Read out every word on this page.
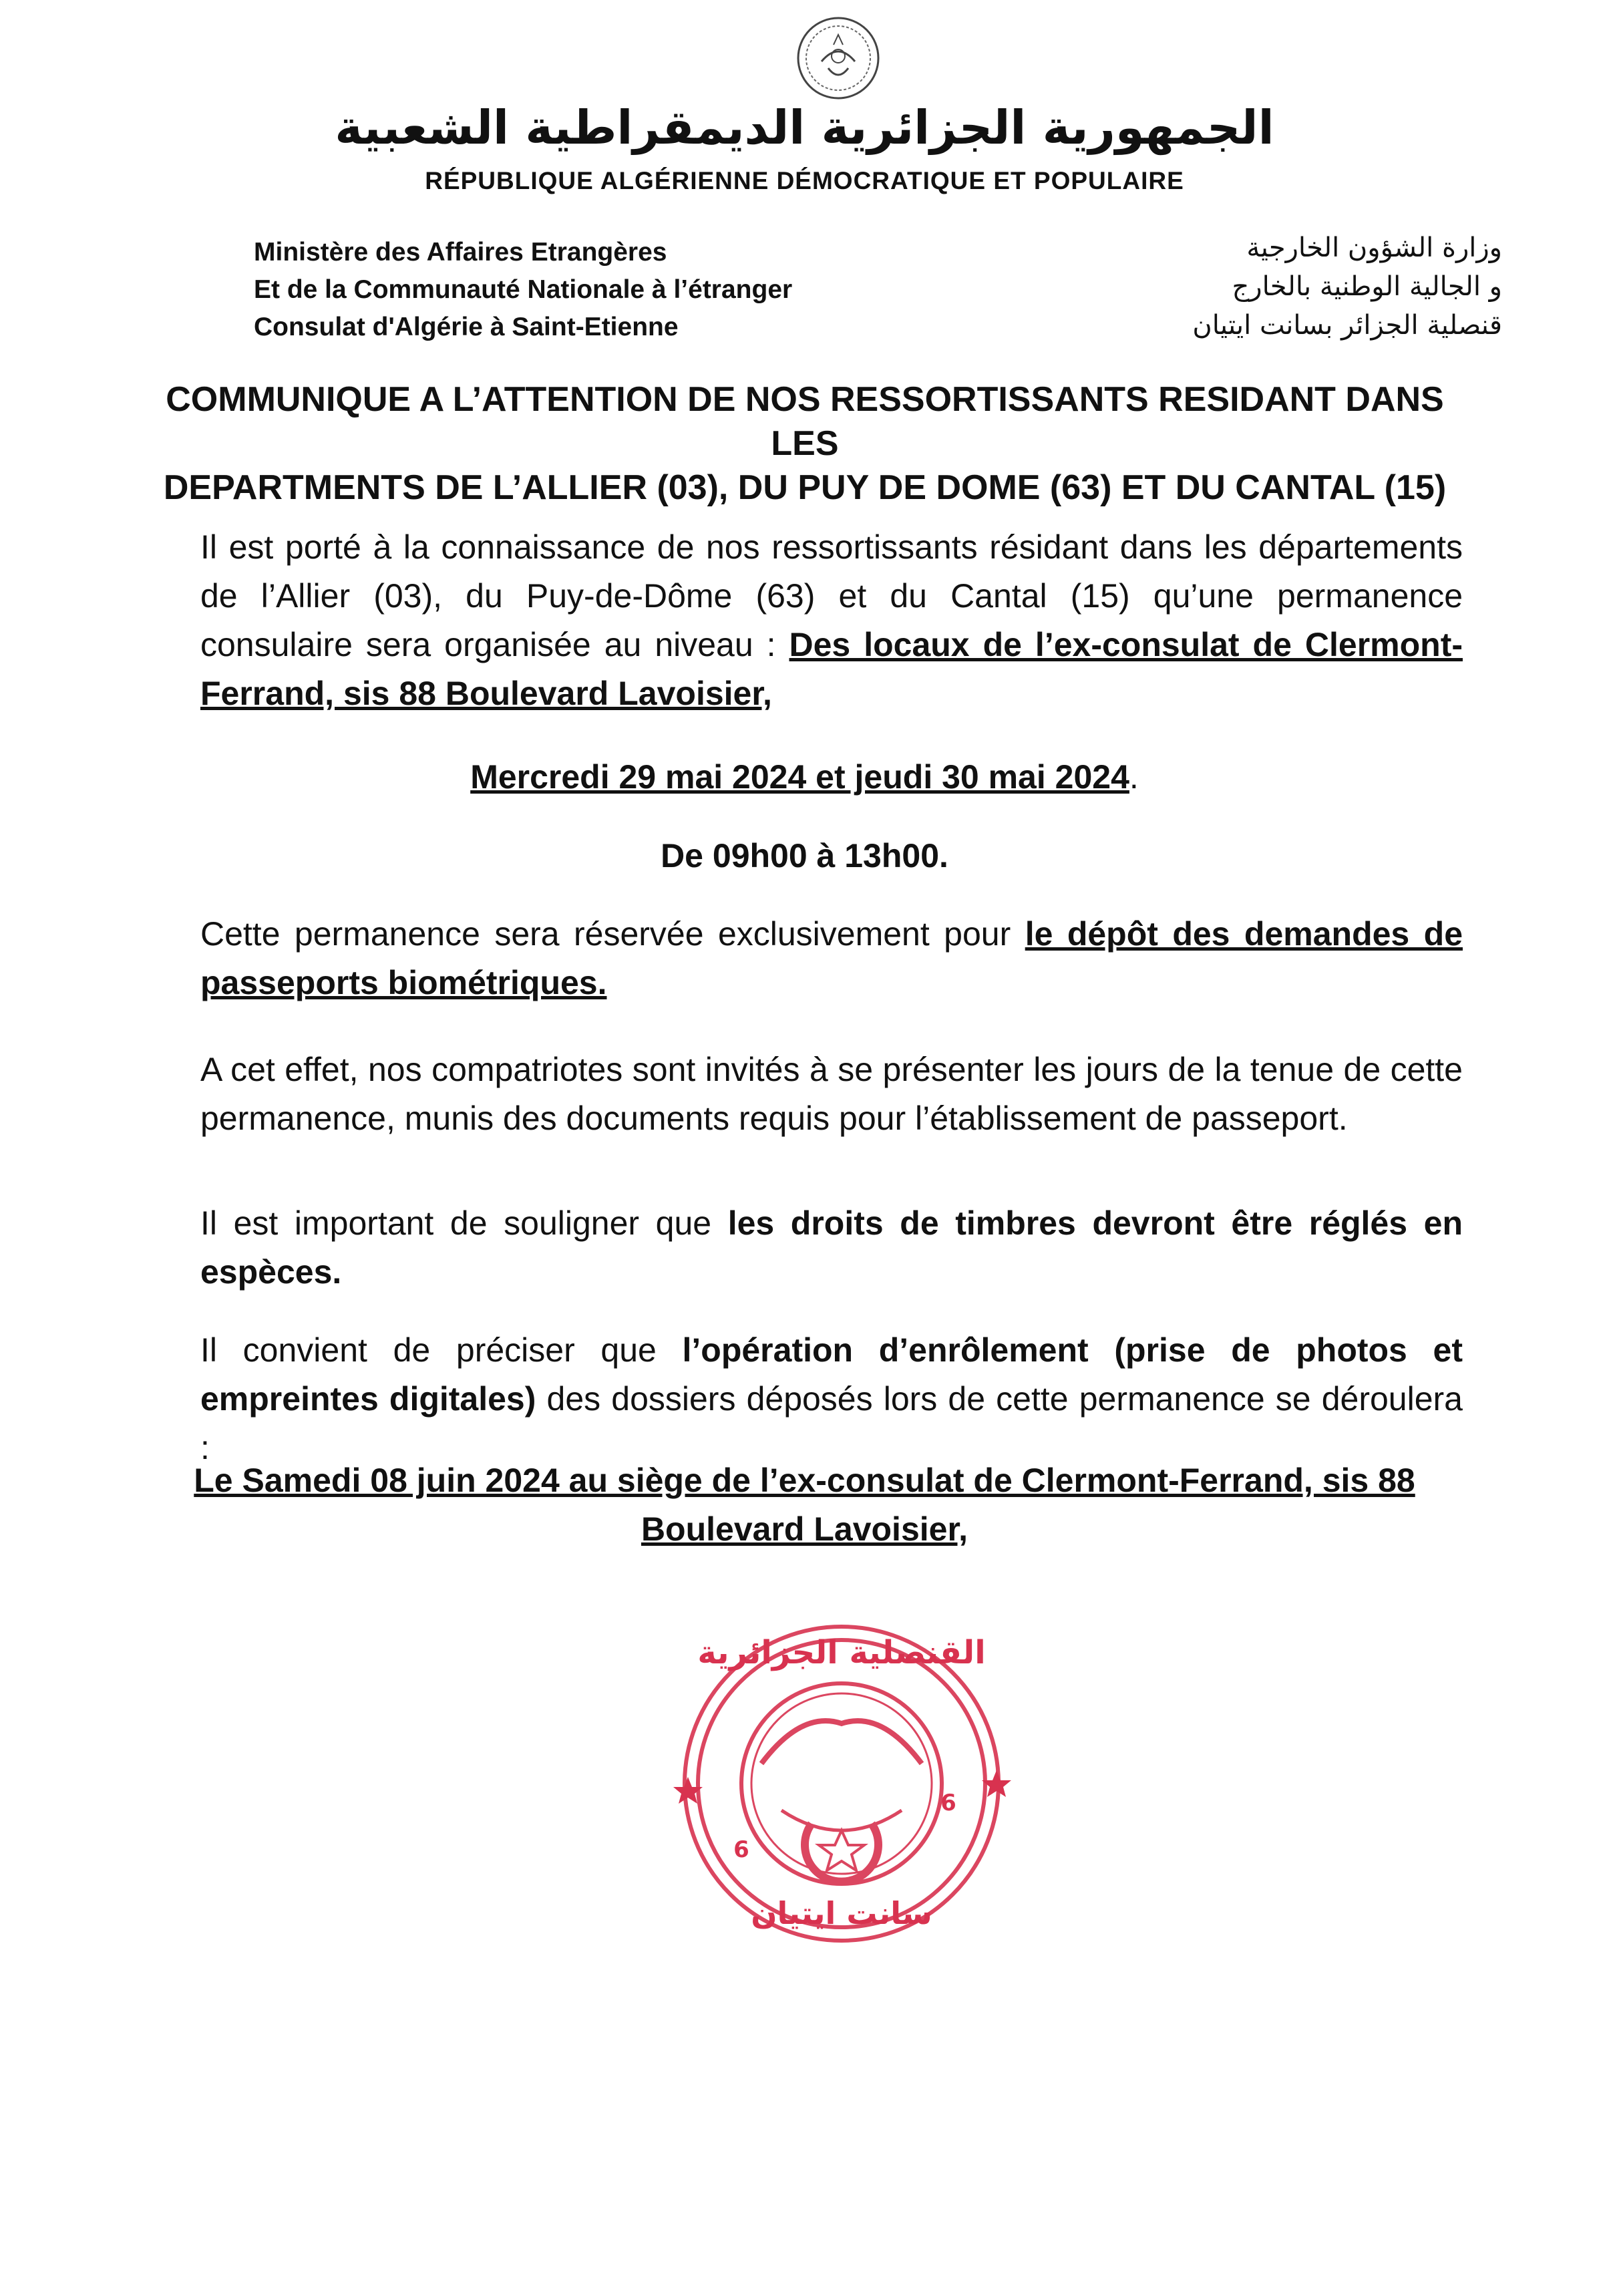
الجمهورية الجزائرية الديمقراطية الشعبية
RÉPUBLIQUE ALGÉRIENNE DÉMOCRATIQUE ET POPULAIRE
Ministère des Affaires Etrangères
Et de la Communauté Nationale à l’étranger
Consulat d'Algérie à Saint-Etienne
وزارة الشؤون الخارجية
و الجالية الوطنية بالخارج
قنصلية الجزائر بسانت ايتيان
COMMUNIQUE A L’ATTENTION DE NOS RESSORTISSANTS RESIDANT DANS LES
DEPARTMENTS DE L’ALLIER (03), DU PUY DE DOME (63) ET DU CANTAL (15)
Il est porté à la connaissance de nos ressortissants résidant dans les départements de l’Allier (03), du Puy-de-Dôme (63) et du Cantal (15) qu’une permanence consulaire sera organisée au niveau : Des locaux de l’ex-consulat de Clermont-Ferrand, sis 88 Boulevard Lavoisier,
Mercredi 29 mai 2024 et jeudi 30 mai 2024.
De 09h00 à 13h00.
Cette permanence sera réservée exclusivement pour le dépôt des demandes de passeports biométriques.
A cet effet, nos compatriotes sont invités à se présenter les jours de la tenue de cette permanence, munis des documents requis pour l’établissement de passeport.
Il est important de souligner que les droits de timbres devront être réglés en espèces.
Il convient de préciser que l’opération d’enrôlement (prise de photos et empreintes digitales) des dossiers déposés lors de cette permanence se déroulera :
Le Samedi 08 juin 2024 au siège de l’ex-consulat de Clermont-Ferrand, sis 88
Boulevard Lavoisier,
القنصلية الجزائرية
سانت ايتيان
6
6
